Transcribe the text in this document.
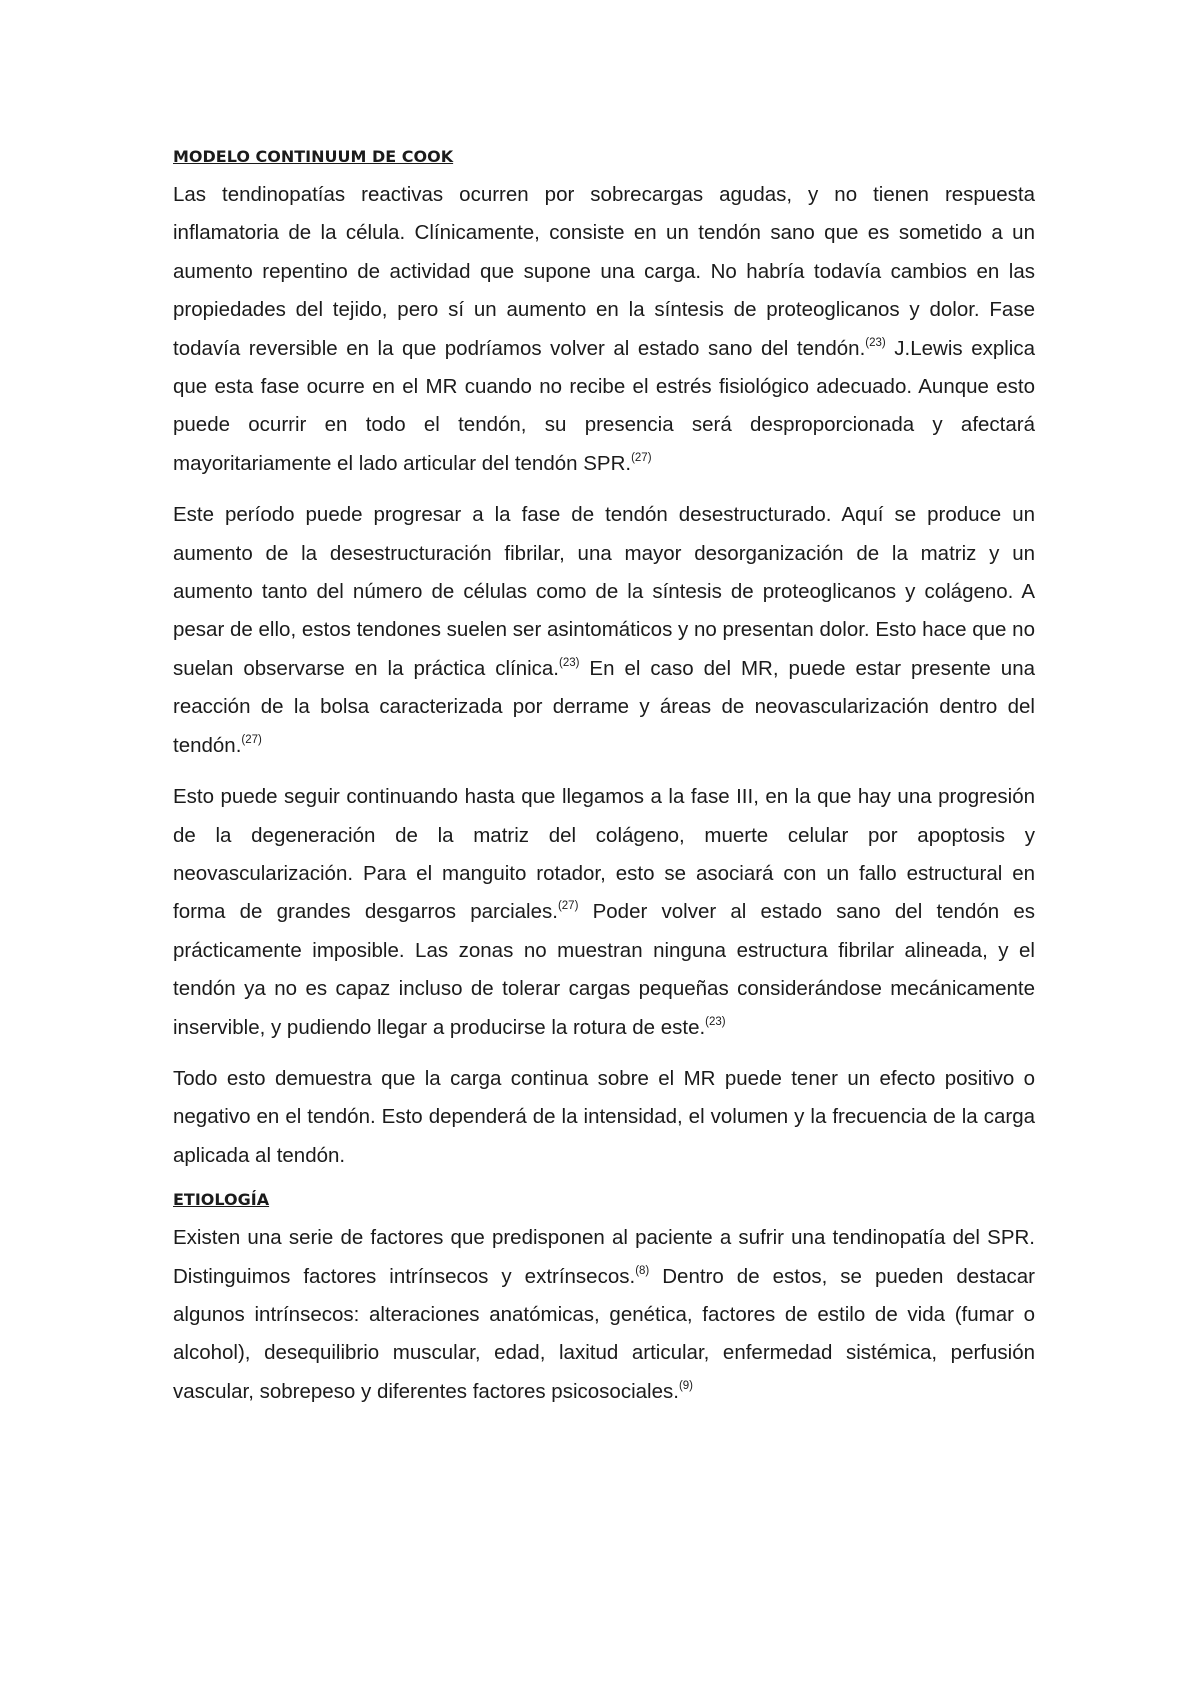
MODELO CONTINUUM DE COOK

Las tendinopatías reactivas ocurren por sobrecargas agudas, y no tienen respuesta inflamatoria de la célula. Clínicamente, consiste en un tendón sano que es sometido a un aumento repentino de actividad que supone una carga. No habría todavía cambios en las propiedades del tejido, pero sí un aumento en la síntesis de proteoglicanos y dolor. Fase todavía reversible en la que podríamos volver al estado sano del tendón.$^{(23)}$ J.Lewis explica que esta fase ocurre en el MR cuando no recibe el estrés fisiológico adecuado. Aunque esto puede ocurrir en todo el tendón, su presencia será desproporcionada y afectará mayoritariamente el lado articular del tendón SPR.$^{(27)}$

Este período puede progresar a la fase de tendón desestructurado. Aquí se produce un aumento de la desestructuración fibrilar, una mayor desorganización de la matriz y un aumento tanto del número de células como de la síntesis de proteoglicanos y colágeno. A pesar de ello, estos tendones suelen ser asintomáticos y no presentan dolor. Esto hace que no suelan observarse en la práctica clínica.$^{(23)}$ En el caso del MR, puede estar presente una reacción de la bolsa caracterizada por derrame y áreas de neovascularización dentro del tendón.$^{(27)}$

Esto puede seguir continuando hasta que llegamos a la fase III, en la que hay una progresión de la degeneración de la matriz del colágeno, muerte celular por apoptosis y neovascularización. Para el manguito rotador, esto se asociará con un fallo estructural en forma de grandes desgarros parciales.$^{(27)}$ Poder volver al estado sano del tendón es prácticamente imposible. Las zonas no muestran ninguna estructura fibrilar alineada, y el tendón ya no es capaz incluso de tolerar cargas pequeñas considerándose mecánicamente inservible, y pudiendo llegar a producirse la rotura de este.$^{(23)}$

Todo esto demuestra que la carga continua sobre el MR puede tener un efecto positivo o negativo en el tendón. Esto dependerá de la intensidad, el volumen y la frecuencia de la carga aplicada al tendón.

ETIOLOGÍA

Existen una serie de factores que predisponen al paciente a sufrir una tendinopatía del SPR. Distinguimos factores intrínsecos y extrínsecos.$^{(8)}$ Dentro de estos, se pueden destacar algunos intrínsecos: alteraciones anatómicas, genética, factores de estilo de vida (fumar o alcohol), desequilibrio muscular, edad, laxitud articular, enfermedad sistémica, perfusión vascular, sobrepeso y diferentes factores psicosociales.$^{(9)}$
